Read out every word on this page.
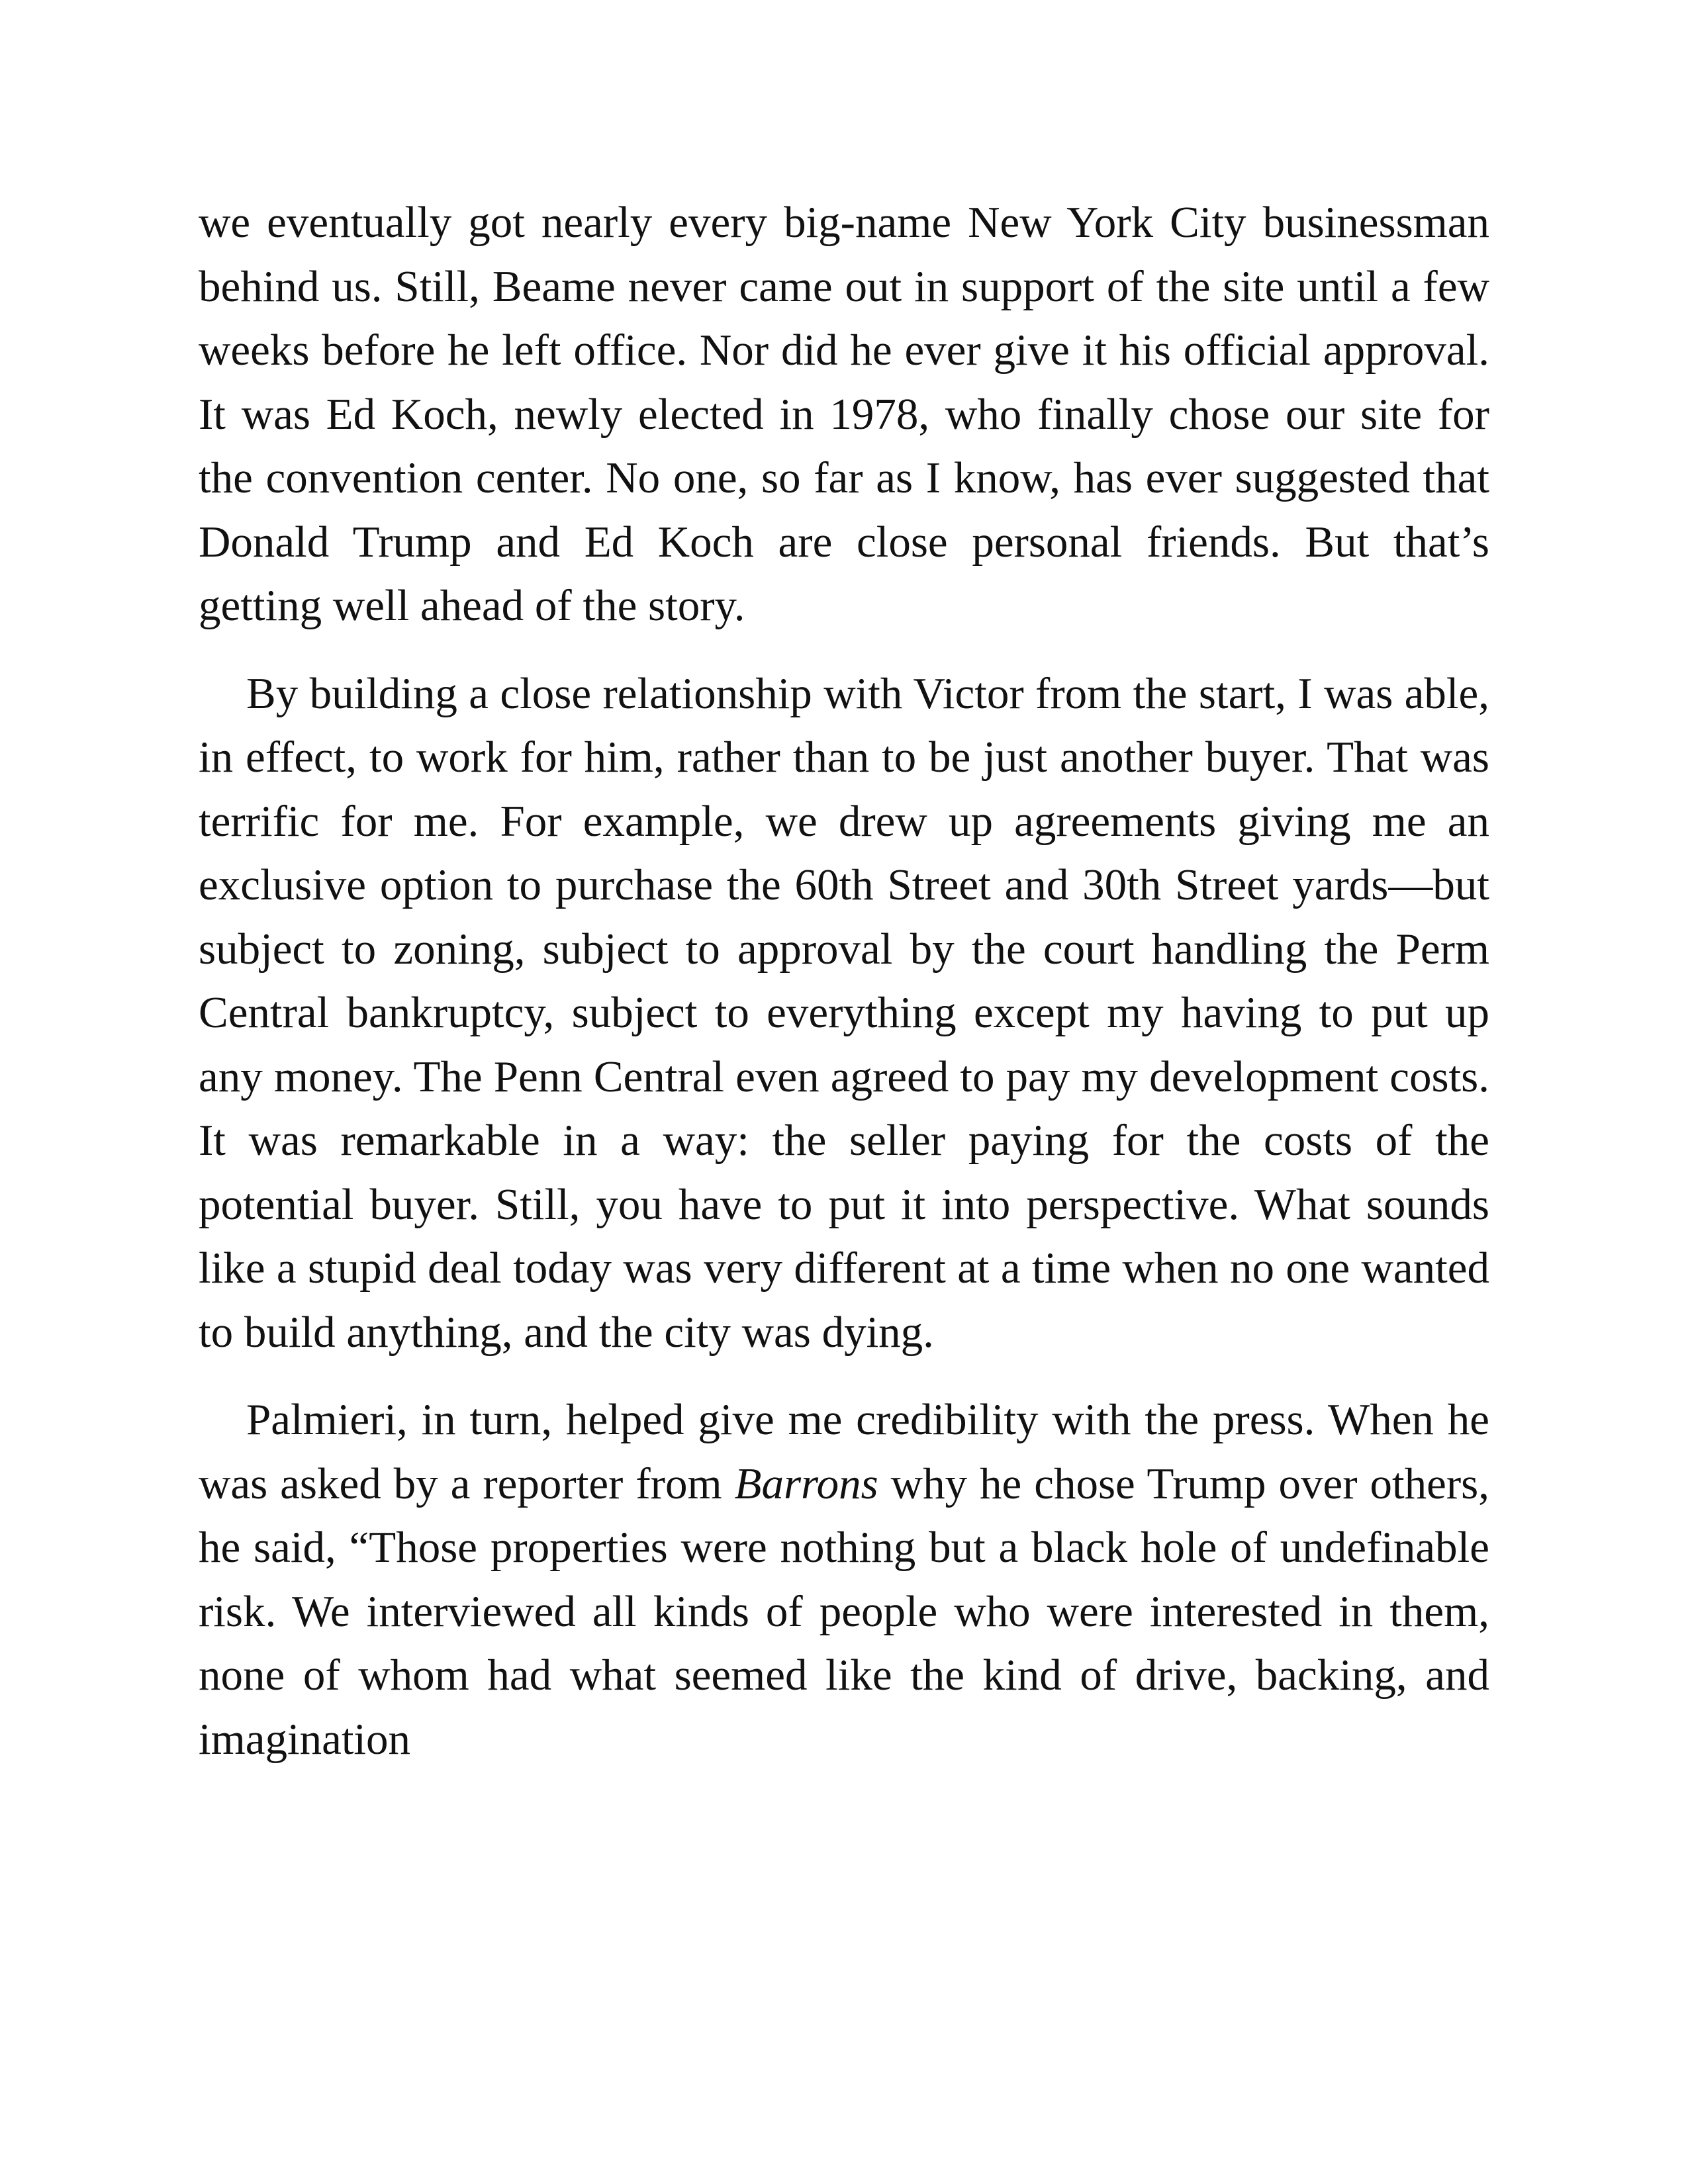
we eventually got nearly every big-name New York City businessman behind us. Still, Beame never came out in support of the site until a few weeks before he left office. Nor did he ever give it his official approval. It was Ed Koch, newly elected in 1978, who finally chose our site for the convention center. No one, so far as I know, has ever suggested that Donald Trump and Ed Koch are close personal friends. But that’s getting well ahead of the story.

By building a close relationship with Victor from the start, I was able, in effect, to work for him, rather than to be just another buyer. That was terrific for me. For example, we drew up agreements giving me an exclusive option to purchase the 60th Street and 30th Street yards—but subject to zoning, subject to approval by the court handling the Perm Central bankruptcy, subject to everything except my having to put up any money. The Penn Central even agreed to pay my development costs. It was remarkable in a way: the seller paying for the costs of the potential buyer. Still, you have to put it into perspective. What sounds like a stupid deal today was very different at a time when no one wanted to build anything, and the city was dying.

Palmieri, in turn, helped give me credibility with the press. When he was asked by a reporter from Barrons why he chose Trump over others, he said, “Those properties were nothing but a black hole of undefinable risk. We interviewed all kinds of people who were interested in them, none of whom had what seemed like the kind of drive, backing, and imagination
